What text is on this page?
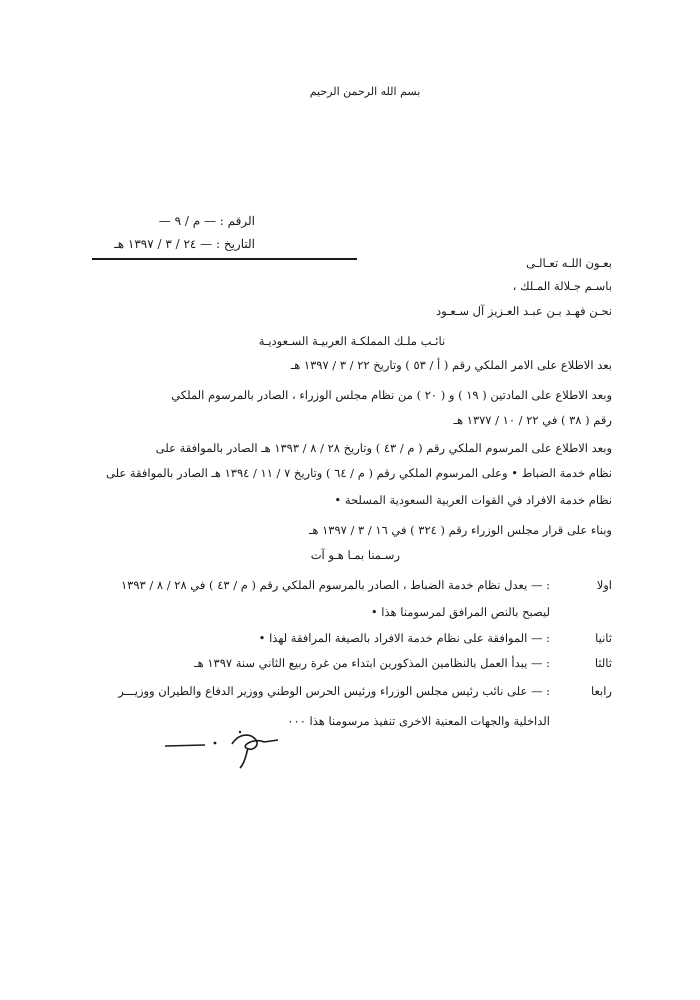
بسم الله الرحمن الرحيم
الرقم : — م / ٩ —
التاريخ : — ٢٤ / ٣ / ١٣٩٧ هـ
بعـون اللـه تعـالـى
باسـم جـلالة المـلك ،
نحـن فهـد بـن عبـد العـزيز آل سـعـود
نائـب ملـك المملكـة العربيـة السـعوديـة
بعد الاطلاع على الامر الملكي رقم ( أ / ٥٣ ) وتاريخ ٢٢ / ٣ / ١٣٩٧ هـ
وبعد الاطلاع على المادتين ( ١٩ ) و ( ٢٠ ) من نظام مجلس الوزراء ، الصادر بالمرسوم الملكي
رقم ( ٣٨ ) في ٢٢ / ١٠ / ١٣٧٧ هـ
وبعد الاطلاع على المرسوم الملكي رقم ( م / ٤٣ ) وتاريخ ٢٨ / ٨ / ١٣٩٣ هـ الصادر بالموافقة على
نظام خدمة الضباط • وعلى المرسوم الملكي رقم ( م / ٦٤ ) وتاريخ ٧ / ١١ / ١٣٩٤ هـ الصادر بالموافقة على
نظام خدمة الافراد في القوات العربية السعودية المسلحة •
وبناء على قرار مجلس الوزراء رقم ( ٣٢٤ ) في ١٦ / ٣ / ١٣٩٧ هـ
رسـمنا بمـا هـو آت
اولا: — يعدل نظام خدمة الضباط ، الصادر بالمرسوم الملكي رقم ( م / ٤٣ ) في ٢٨ / ٨ / ١٣٩٣
ليصبح بالنص المرافق لمرسومنا هذا •
ثانيا: — الموافقة على نظام خدمة الافراد بالصيغة المرافقة لهذا •
ثالثا: — يبدأ العمل بالنظامين المذكورين ابتداء من غرة ربيع الثاني سنة ١٣٩٧ هـ
رابعا: — على نائب رئيس مجلس الوزراء ورئيس الحرس الوطني ووزير الدفاع والطيران ووزيـــر
الداخلية والجهات المعنية الاخرى تنفيذ مرسومنا هذا ٠٠٠
